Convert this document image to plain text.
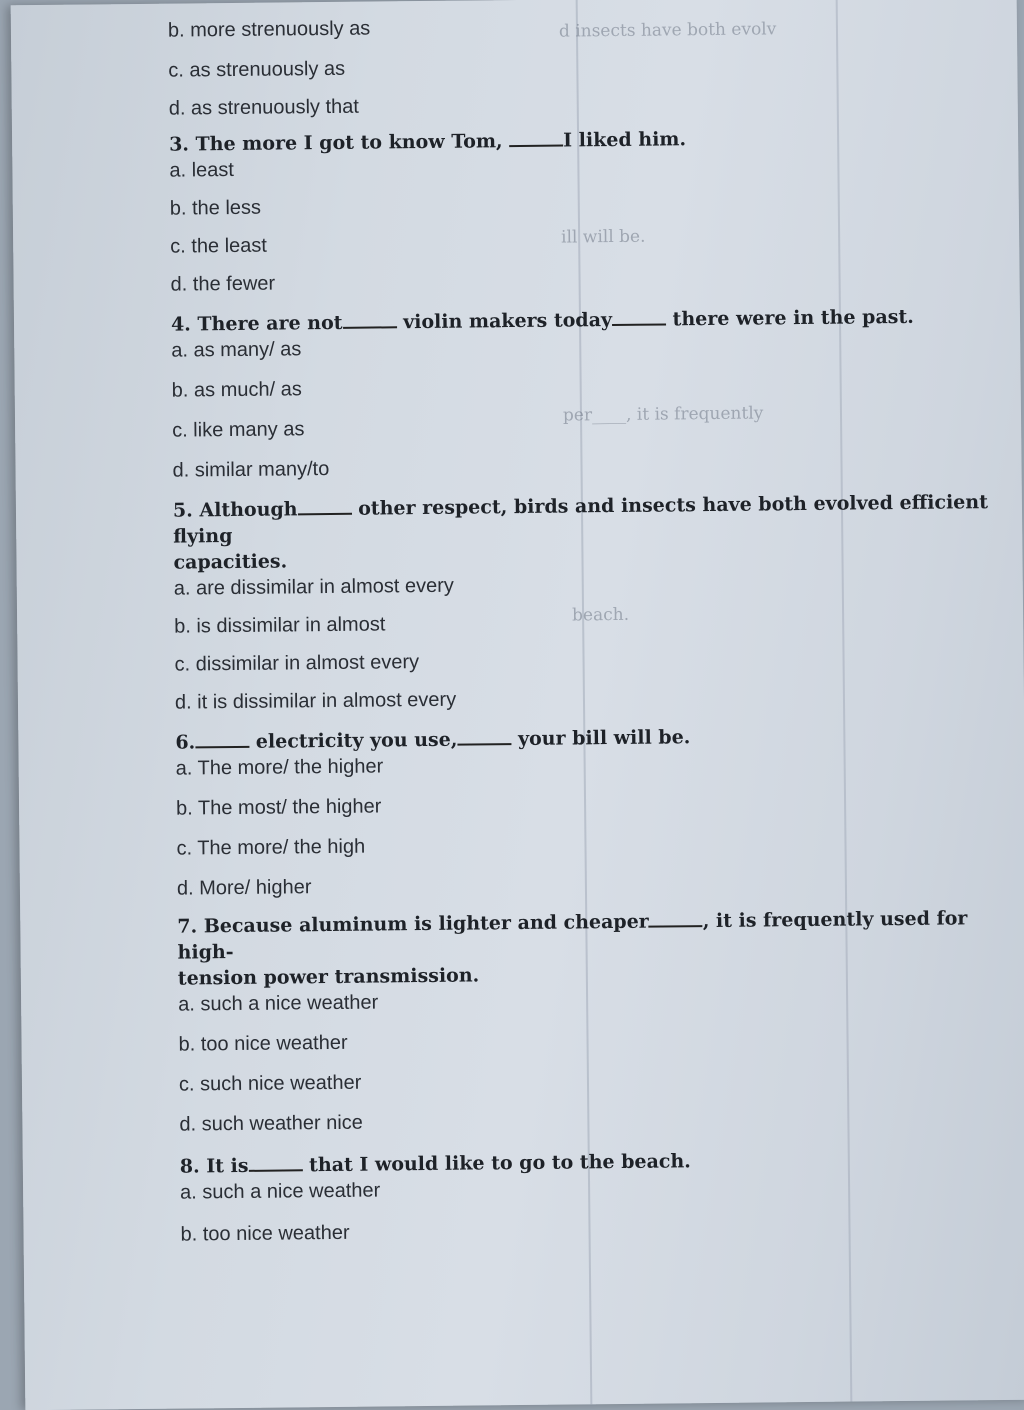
d insects have both evolv
ill will be.
per____, it is frequently
beach.

b. more strenuously as

c. as strenuously as

d. as strenuously that

3. The more I got to know Tom,	I liked him.

a. least

b. the less

c. the least

d. the fewer

4. There are not	violin makers today	there were in the past.

a. as many/ as

b. as much/ as

c. like many as

d. similar many/to

5. Although	other respect, birds and insects have both evolved efficient flying
capacities.

a. are dissimilar in almost every

b. is dissimilar in almost

c. dissimilar in almost every

d. it is dissimilar in almost every

6.	electricity you use,	your bill will be.

a. The more/ the higher

b. The most/ the higher

c. The more/ the high

d. More/ higher

7. Because aluminum is lighter and cheaper	, it is frequently used for high-
tension power transmission.

a. such a nice weather

b. too nice weather

c. such nice weather

d. such weather nice

8. It is	that I would like to go to the beach.

a. such a nice weather

b. too nice weather
